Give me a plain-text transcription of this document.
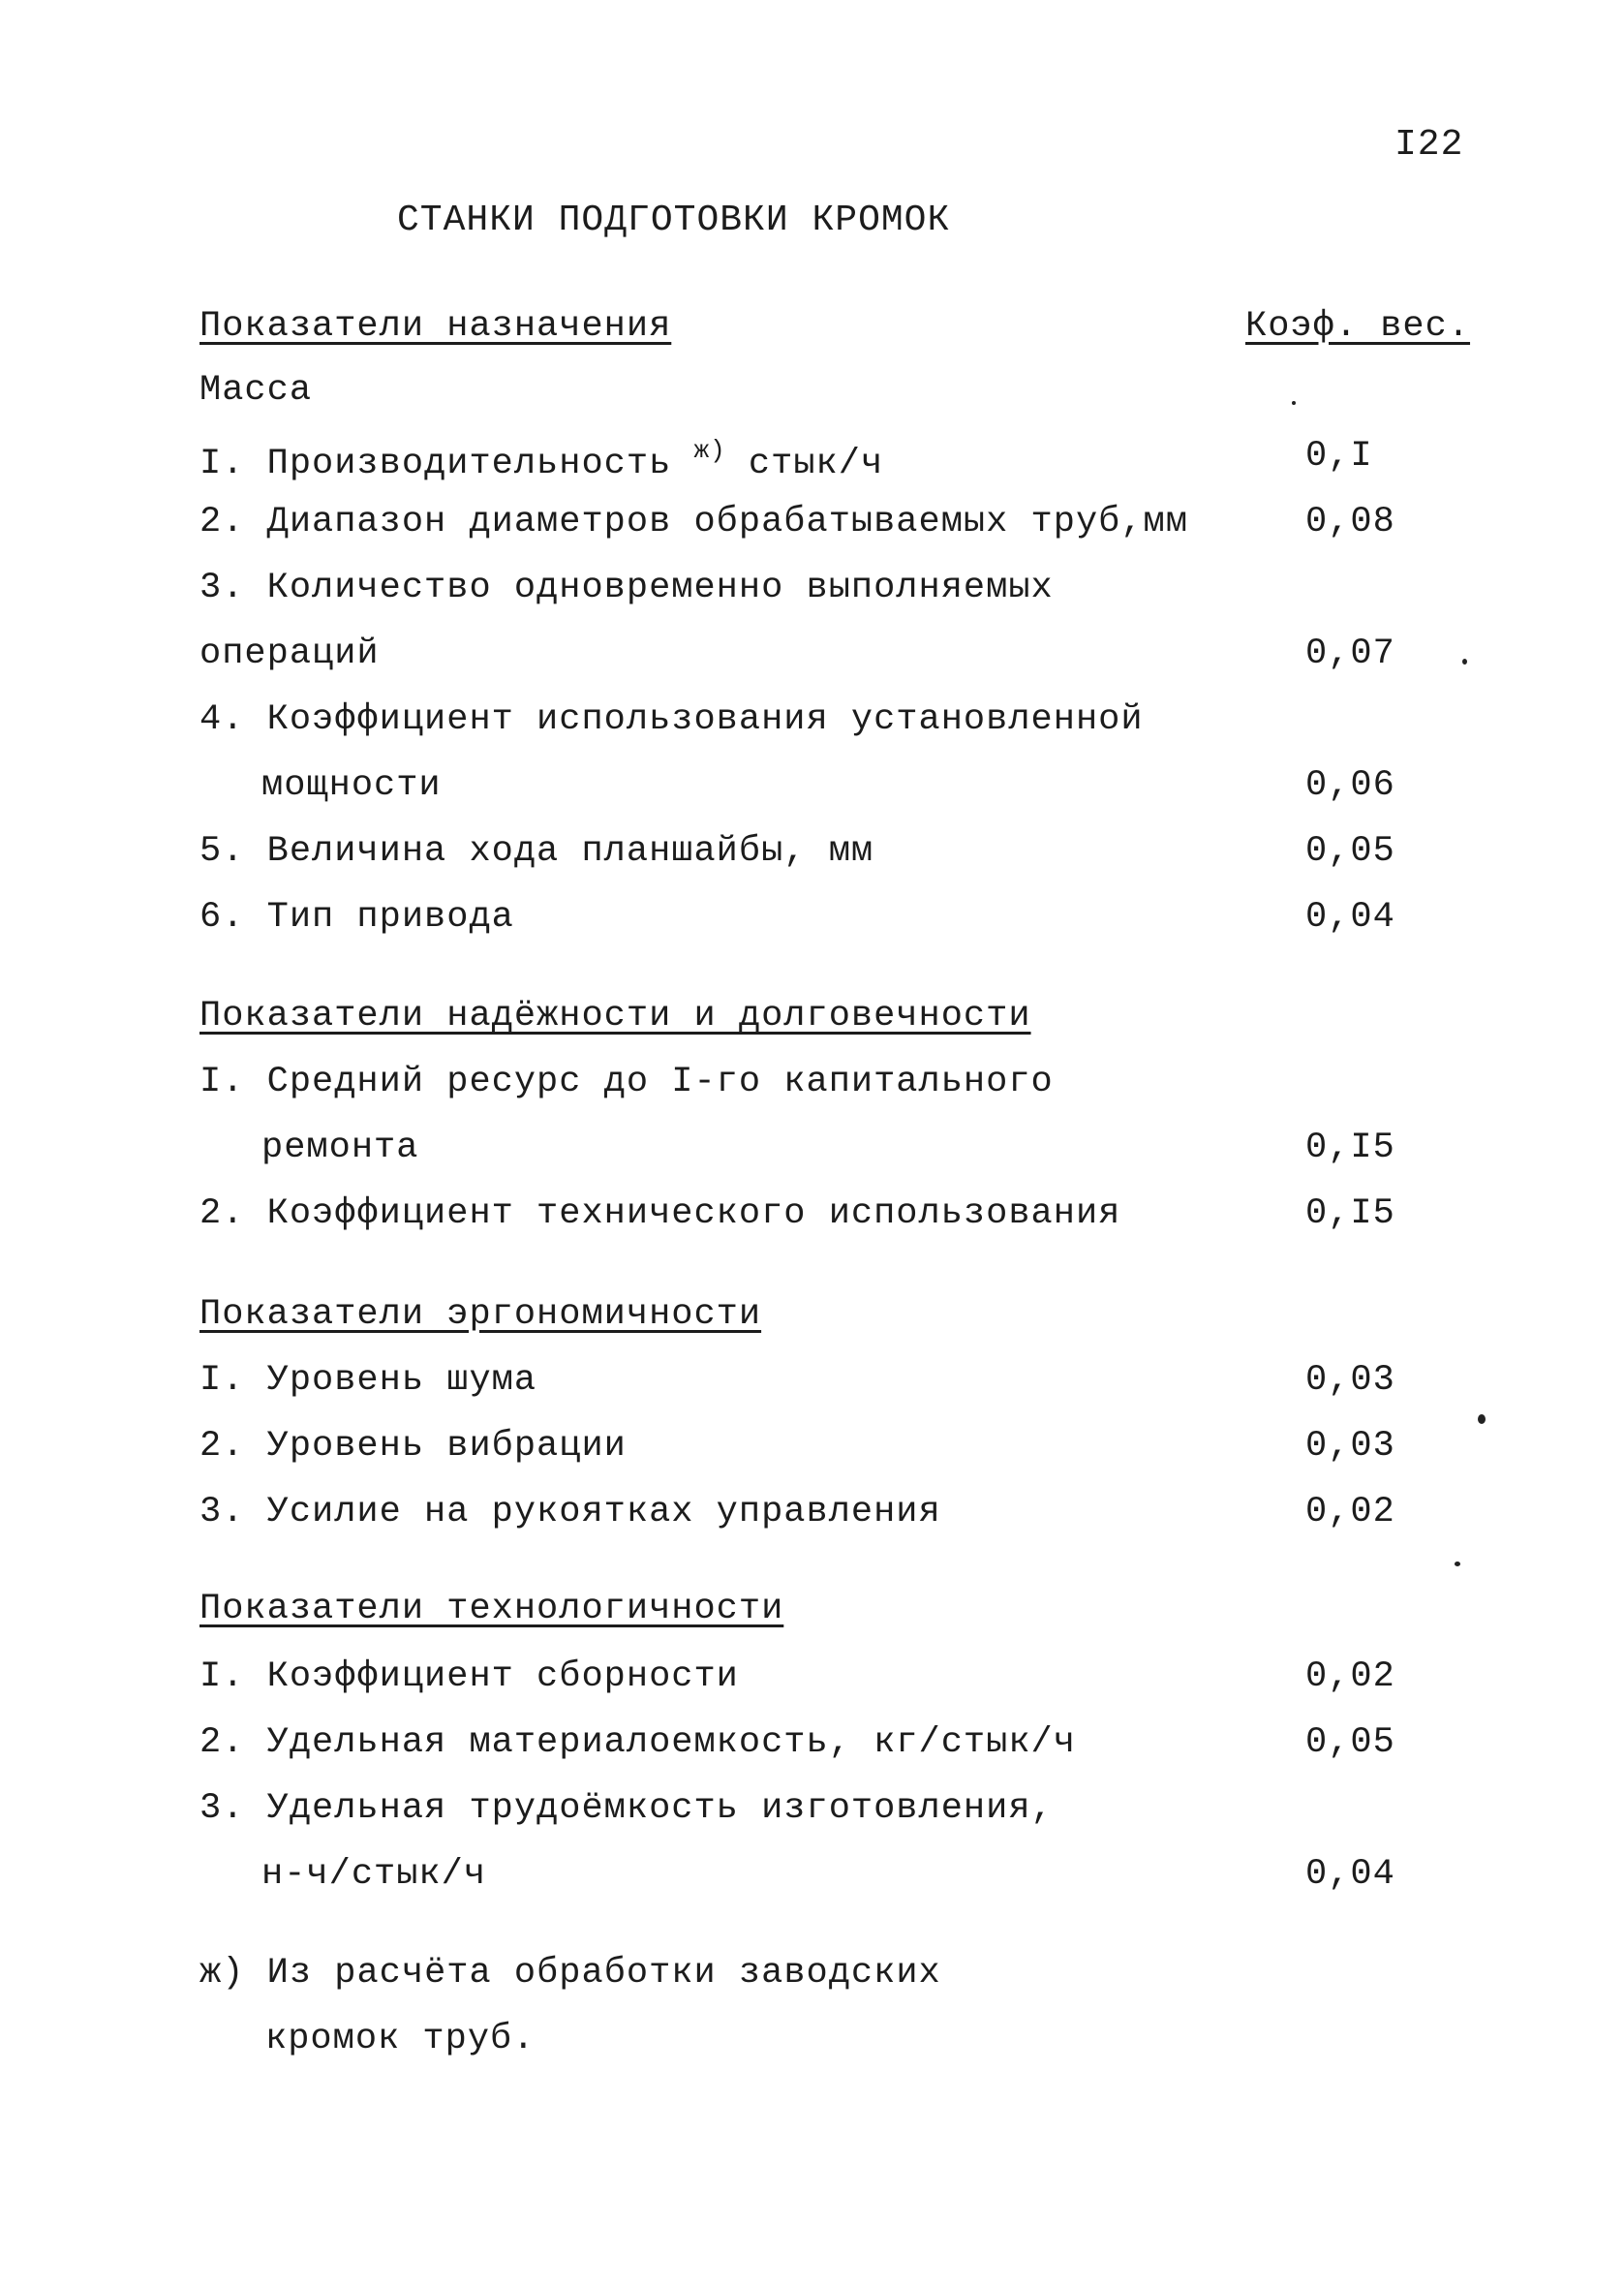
I22
СТАНКИ ПОДГОТОВКИ КРОМОК
Коэф. вес.
Показатели назначения
Масса
I. Производительность $^{ж)}$ стык/ч	0,I
2. Диапазон диаметров обрабатываемых труб,мм	0,08
3. Количество одновременно выполняемых
операций	0,07
4. Коэффициент использования установленной
мощности	0,06
5. Величина хода планшайбы, мм	0,05
6. Тип привода	0,04
Показатели надёжности и долговечности
I. Средний ресурс до I-го капитального
ремонта	0,I5
2. Коэффициент технического использования	0,I5
Показатели эргономичности
I. Уровень шума	0,03
2. Уровень вибрации	0,03
3. Усилие на рукоятках управления	0,02
Показатели технологичности
I. Коэффициент сборности	0,02
2. Удельная материалоемкость, кг/стык/ч	0,05
3. Удельная трудоёмкость изготовления,
н-ч/стык/ч	0,04
ж) Из расчёта обработки заводских
кромок труб.
